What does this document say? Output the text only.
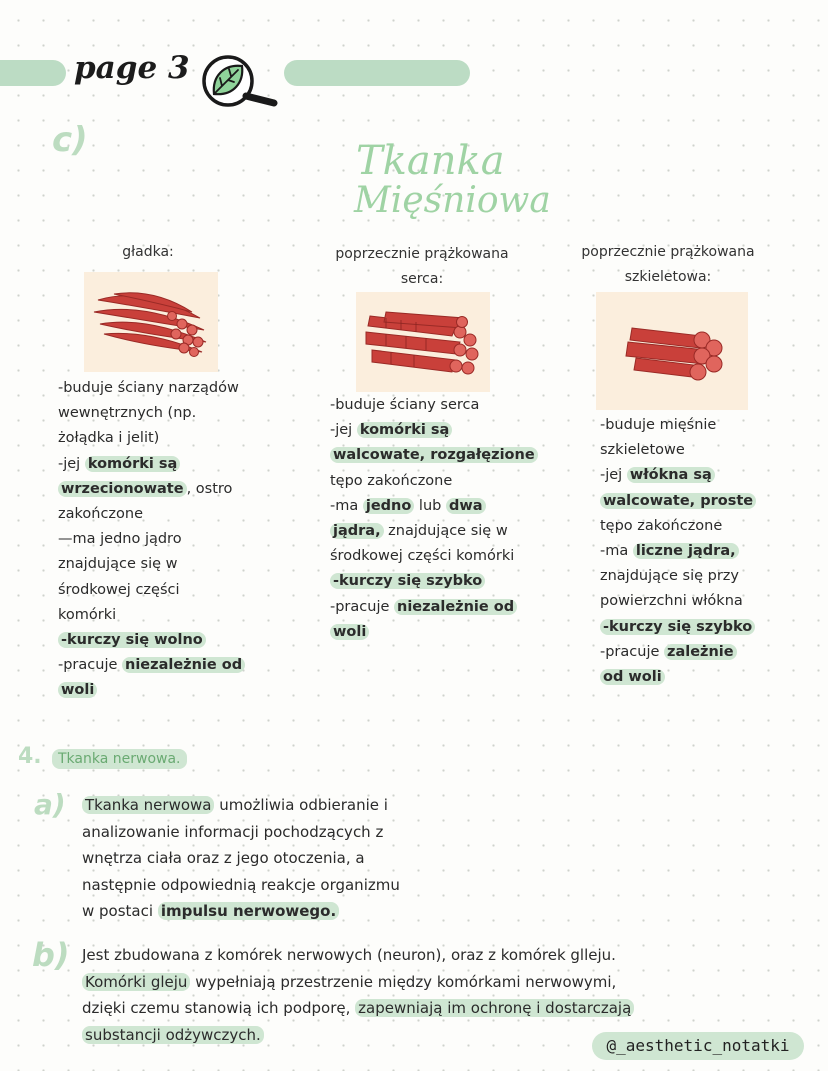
page 3
c)	Tkanka
Mięśniowa
gładka:
-buduje ściany narządów
wewnętrznych (np.
żołądka i jelit)
-jej komórki są
wrzecionowate , ostro
zakończone
—ma jedno jądro
znajdujące się w
środkowej części
komórki
-kurczy się wolno
-pracuje niezależnie od
woli
poprzecznie prążkowana
serca:
-buduje ściany serca
-jej komórki są
walcowate, rozgałęzione
tępo zakończone
-ma jedno lub dwa
jądra, znajdujące się w
środkowej części komórki
-kurczy się szybko
-pracuje niezależnie od
woli
poprzecznie prążkowana
szkieletowa:
-buduje mięśnie
szkieletowe
-jej włókna są
walcowate, proste
tępo zakończone
-ma liczne jądra,
znajdujące się przy
powierzchni włókna
-kurczy się szybko
-pracuje zależnie
od woli
4.	Tkanka nerwowa.
a) Tkanka nerwowa umożliwia odbieranie i
analizowanie informacji pochodzących z
wnętrza ciała oraz z jego otoczenia, a
następnie odpowiednią reakcje organizmu
w postaci impulsu nerwowego.
b) Jest zbudowana z komórek nerwowych (neuron), oraz z komórek glleju.
Komórki gleju wypełniają przestrzenie między komórkami nerwowymi,
dzięki czemu stanowią ich podporę, zapewniają im ochronę i dostarczają
substancji odżywczych.
@_aesthetic_notatki
